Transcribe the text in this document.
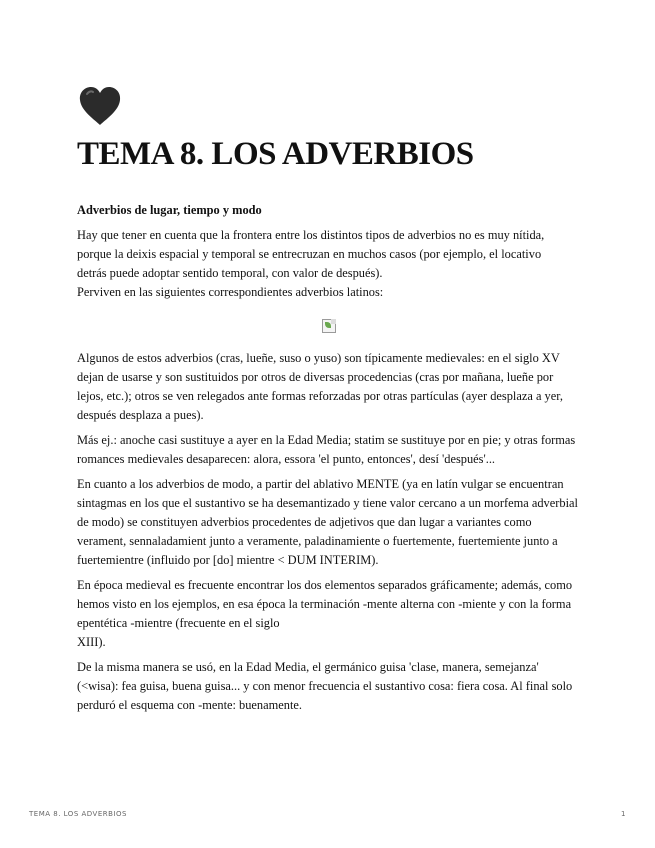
TEMA 8. LOS ADVERBIOS

Adverbios de lugar, tiempo y modo

Hay que tener en cuenta que la frontera entre los distintos tipos de adverbios no es muy nítida,
porque la deixis espacial y temporal se entrecruzan en muchos casos (por ejemplo, el locativo
detrás puede adoptar sentido temporal, con valor de después).
Perviven en las siguientes correspondientes adverbios latinos:

Algunos de estos adverbios (cras, lueñe, suso o yuso) son típicamente medievales: en el siglo XV dejan de usarse y son sustituidos por otros de diversas procedencias (cras por mañana, lueñe por lejos, etc.); otros se ven relegados ante formas reforzadas por otras partículas (ayer desplaza a yer, después desplaza a pues).

Más ej.: anoche casi sustituye a ayer en la Edad Media; statim se sustituye por en pie; y otras formas romances medievales desaparecen: alora, essora 'el punto, entonces', desí 'después'...

En cuanto a los adverbios de modo, a partir del ablativo MENTE (ya en latín vulgar se encuentran sintagmas en los que el sustantivo se ha desemantizado y tiene valor cercano a un morfema adverbial de modo) se constituyen adverbios procedentes de adjetivos que dan lugar a variantes como verament, sennaladamient junto a veramente, paladinamiente o fuertemente, fuertemiente junto a fuertemientre (influido por [do] mientre < DUM INTERIM).

En época medieval es frecuente encontrar los dos elementos separados gráficamente; además, como hemos visto en los ejemplos, en esa época la terminación -mente alterna con -miente y con la forma epentética -mientre (frecuente en el siglo
XIII).

De la misma manera se usó, en la Edad Media, el germánico guisa 'clase, manera, semejanza' (<wisa): fea guisa, buena guisa... y con menor frecuencia el sustantivo cosa: fiera cosa. Al final solo perduró el esquema con -mente: buenamente.

TEMA 8. LOS ADVERBIOS	1
